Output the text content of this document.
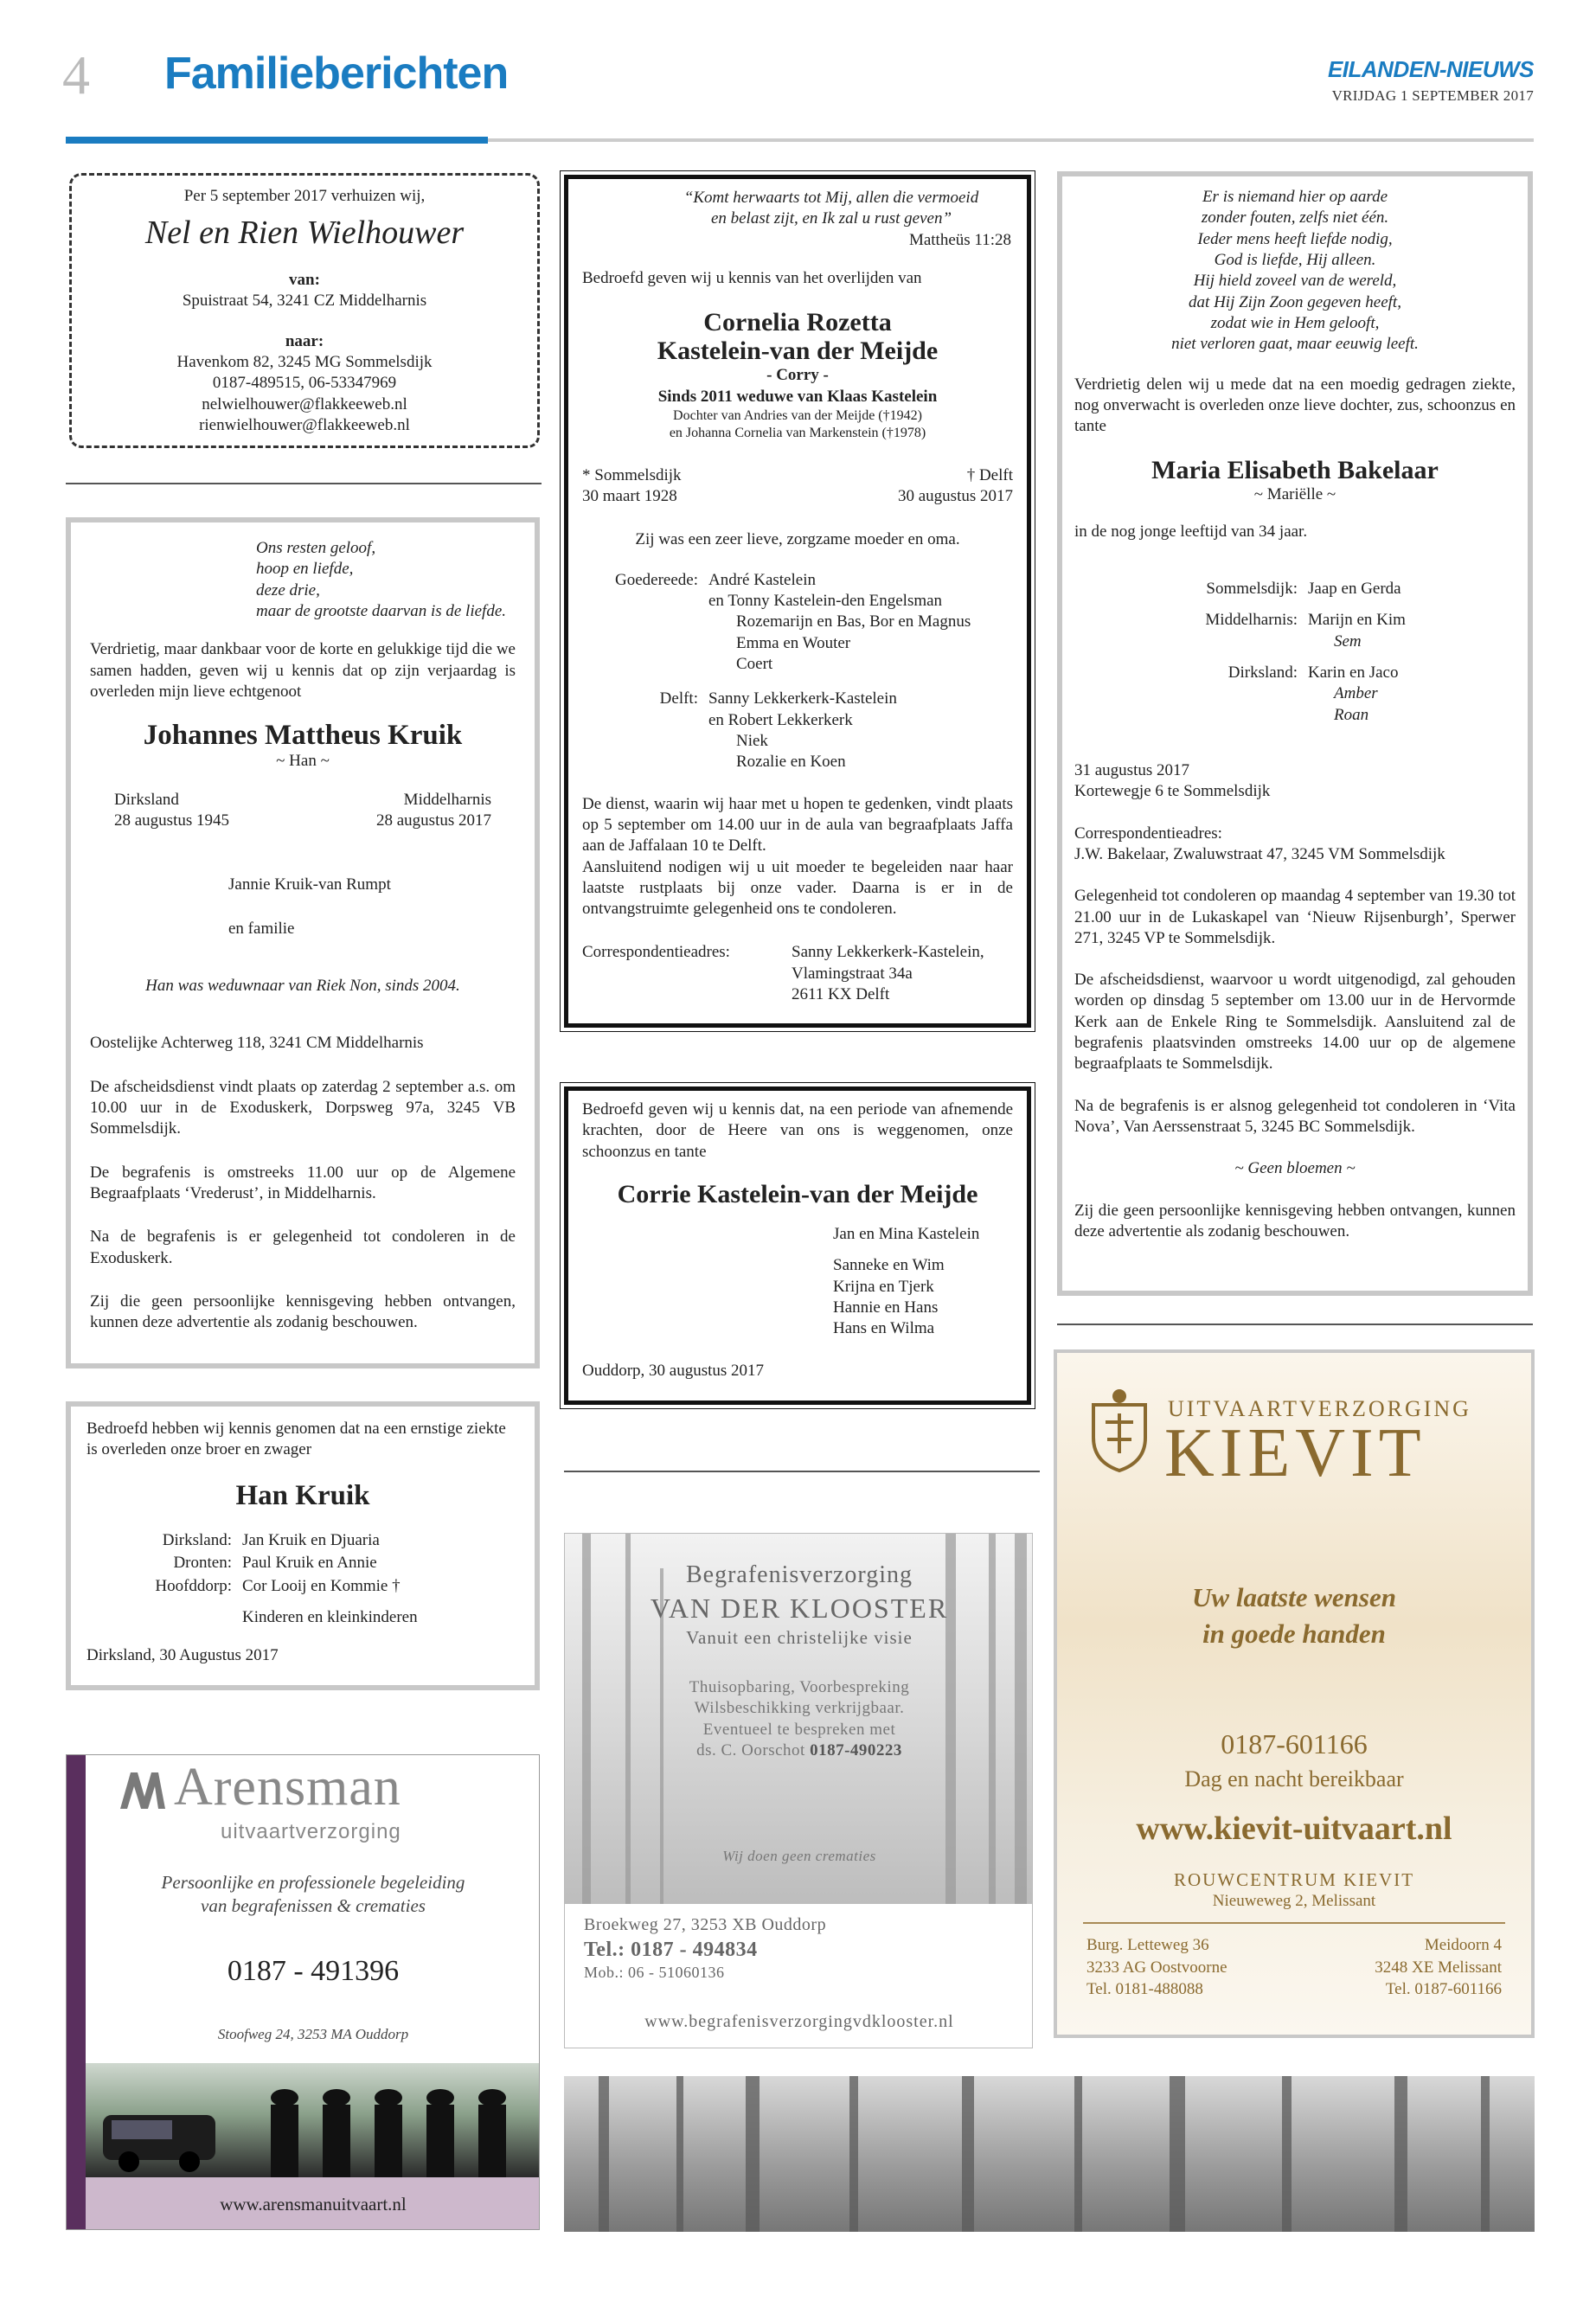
4 Familieberichten	EILANDEN-NIEUWS
VRIJDAG 1 SEPTEMBER 2017

Per 5 september 2017 verhuizen wij,

Nel en Rien Wielhouwer

van:

Spuistraat 54, 3241 CZ Middelharnis

naar:

Havenkom 82, 3245 MG Sommelsdijk

0187-489515, 06-53347969

nelwielhouwer@flakkeeweb.nl

rienwielhouwer@flakkeeweb.nl

Ons resten geloof,

hoop en liefde,

deze drie,

maar de grootste daarvan is de liefde.

Verdrietig, maar dankbaar voor de korte en gelukkige tijd die we samen hadden, geven wij u kennis dat op zijn verjaardag is overleden mijn lieve echtgenoot

Johannes Mattheus Kruik

~ Han ~

Dirksland

28 augustus 1945

Middelharnis

28 augustus 2017

Jannie Kruik-van Rumpt

en familie

Han was weduwnaar van Riek Non, sinds 2004.

Oostelijke Achterweg 118, 3241 CM Middelharnis

De afscheidsdienst vindt plaats op zaterdag 2 september a.s. om 10.00 uur in de Exoduskerk, Dorpsweg 97a, 3245 VB Sommelsdijk.

De begrafenis is omstreeks 11.00 uur op de Algemene Begraafplaats ‘Vrederust’, in Middelharnis.

Na de begrafenis is er gelegenheid tot condoleren in de Exoduskerk.

Zij die geen persoonlijke kennisgeving hebben ontvangen, kunnen deze advertentie als zodanig beschouwen.

Bedroefd hebben wij kennis genomen dat na een ernstige ziekte is overleden onze broer en zwager

Han Kruik

Dirksland: Jan Kruik en Djuaria

Dronten: Paul Kruik en Annie

Hoofddorp: Cor Looij en Kommie †

Kinderen en kleinkinderen

Dirksland, 30 Augustus 2017

Arensman
uitvaartverzorging

Persoonlijke en professionele begeleiding

van begrafenissen & crematies

0187 - 491396
Stoofweg 24, 3253 MA Ouddorp
www.arensmanuitvaart.nl

“Komt herwaarts tot Mij, allen die vermoeid

en belast zijt, en Ik zal u rust geven”

Mattheüs 11:28

Bedroefd geven wij u kennis van het overlijden van

Cornelia Rozetta

Kastelein-van der Meijde

- Corry -

Sinds 2011 weduwe van Klaas Kastelein

Dochter van Andries van der Meijde (†1942)

en Johanna Cornelia van Markenstein (†1978)

* Sommelsdijk

30 maart 1928

† Delft

30 augustus 2017

Zij was een zeer lieve, zorgzame moeder en oma.

Goedereede: André Kastelein

en Tonny Kastelein-den Engelsman

Rozemarijn en Bas, Bor en Magnus

Emma en Wouter

Coert

Delft: Sanny Lekkerkerk-Kastelein

en Robert Lekkerkerk

Niek

Rozalie en Koen

De dienst, waarin wij haar met u hopen te gedenken, vindt plaats op 5 september om 14.00 uur in de aula van begraafplaats Jaffa aan de Jaffalaan 10 te Delft.

Aansluitend nodigen wij u uit moeder te begeleiden naar haar laatste rustplaats bij onze vader. Daarna is er in de ontvangstruimte gelegenheid ons te condoleren.

Correspondentieadres:	Sanny Lekkerkerk-Kastelein,

Vlamingstraat 34a

2611 KX Delft

Bedroefd geven wij u kennis dat, na een periode van afnemende krachten, door de Heere van ons is weggenomen, onze schoonzus en tante

Corrie Kastelein-van der Meijde

Jan en Mina Kastelein

Sanneke en Wim

Krijna en Tjerk

Hannie en Hans

Hans en Wilma

Ouddorp, 30 augustus 2017

Begrafenisverzorging

VAN DER KLOOSTER

Vanuit een christelijke visie

Thuisopbaring, Voorbespreking

Wilsbeschikking verkrijgbaar.

Eventueel te bespreken met

ds. C. Oorschot 0187-490223

Wij doen geen crematies

Broekweg 27, 3253 XB Ouddorp

Tel.: 0187 - 494834

Mob.: 06 - 51060136

www.begrafenisverzorgingvdklooster.nl

Er is niemand hier op aarde

zonder fouten, zelfs niet één.

Ieder mens heeft liefde nodig,

God is liefde, Hij alleen.

Hij hield zoveel van de wereld,

dat Hij Zijn Zoon gegeven heeft,

zodat wie in Hem gelooft,

niet verloren gaat, maar eeuwig leeft.

Verdrietig delen wij u mede dat na een moedig gedragen ziekte, nog onverwacht is overleden onze lieve dochter, zus, schoonzus en tante

Maria Elisabeth Bakelaar

~ Mariëlle ~

in de nog jonge leeftijd van 34 jaar.

Sommelsdijk: Jaap en Gerda

Middelharnis: Marijn en Kim

Sem

Dirksland: Karin en Jaco

Amber

Roan

31 augustus 2017

Kortewegje 6 te Sommelsdijk

Correspondentieadres:

J.W. Bakelaar, Zwaluwstraat 47, 3245 VM Sommelsdijk

Gelegenheid tot condoleren op maandag 4 september van 19.30 tot 21.00 uur in de Lukaskapel van ‘Nieuw Rijsenburgh’, Sperwer 271, 3245 VP te Sommelsdijk.

De afscheidsdienst, waarvoor u wordt uitgenodigd, zal gehouden worden op dinsdag 5 september om 13.00 uur in de Hervormde Kerk aan de Enkele Ring te Sommelsdijk. Aansluitend zal de begrafenis plaatsvinden omstreeks 14.00 uur op de algemene begraafplaats te Sommelsdijk.

Na de begrafenis is er alsnog gelegenheid tot condoleren in ‘Vita Nova’, Van Aerssenstraat 5, 3245 BC Sommelsdijk.

~ Geen bloemen ~

Zij die geen persoonlijke kennisgeving hebben ontvangen, kunnen deze advertentie als zodanig beschouwen.

UITVAARTVERZORGING
KIEVIT

Uw laatste wensen

in goede handen

0187-601166
Dag en nacht bereikbaar
www.kievit-uitvaart.nl
ROUWCENTRUM KIEVIT
Nieuweweg 2, Melissant

Burg. Letteweg 36

3233 AG Oostvoorne

Tel. 0181-488088

Meidoorn 4

3248 XE Melissant

Tel. 0187-601166
